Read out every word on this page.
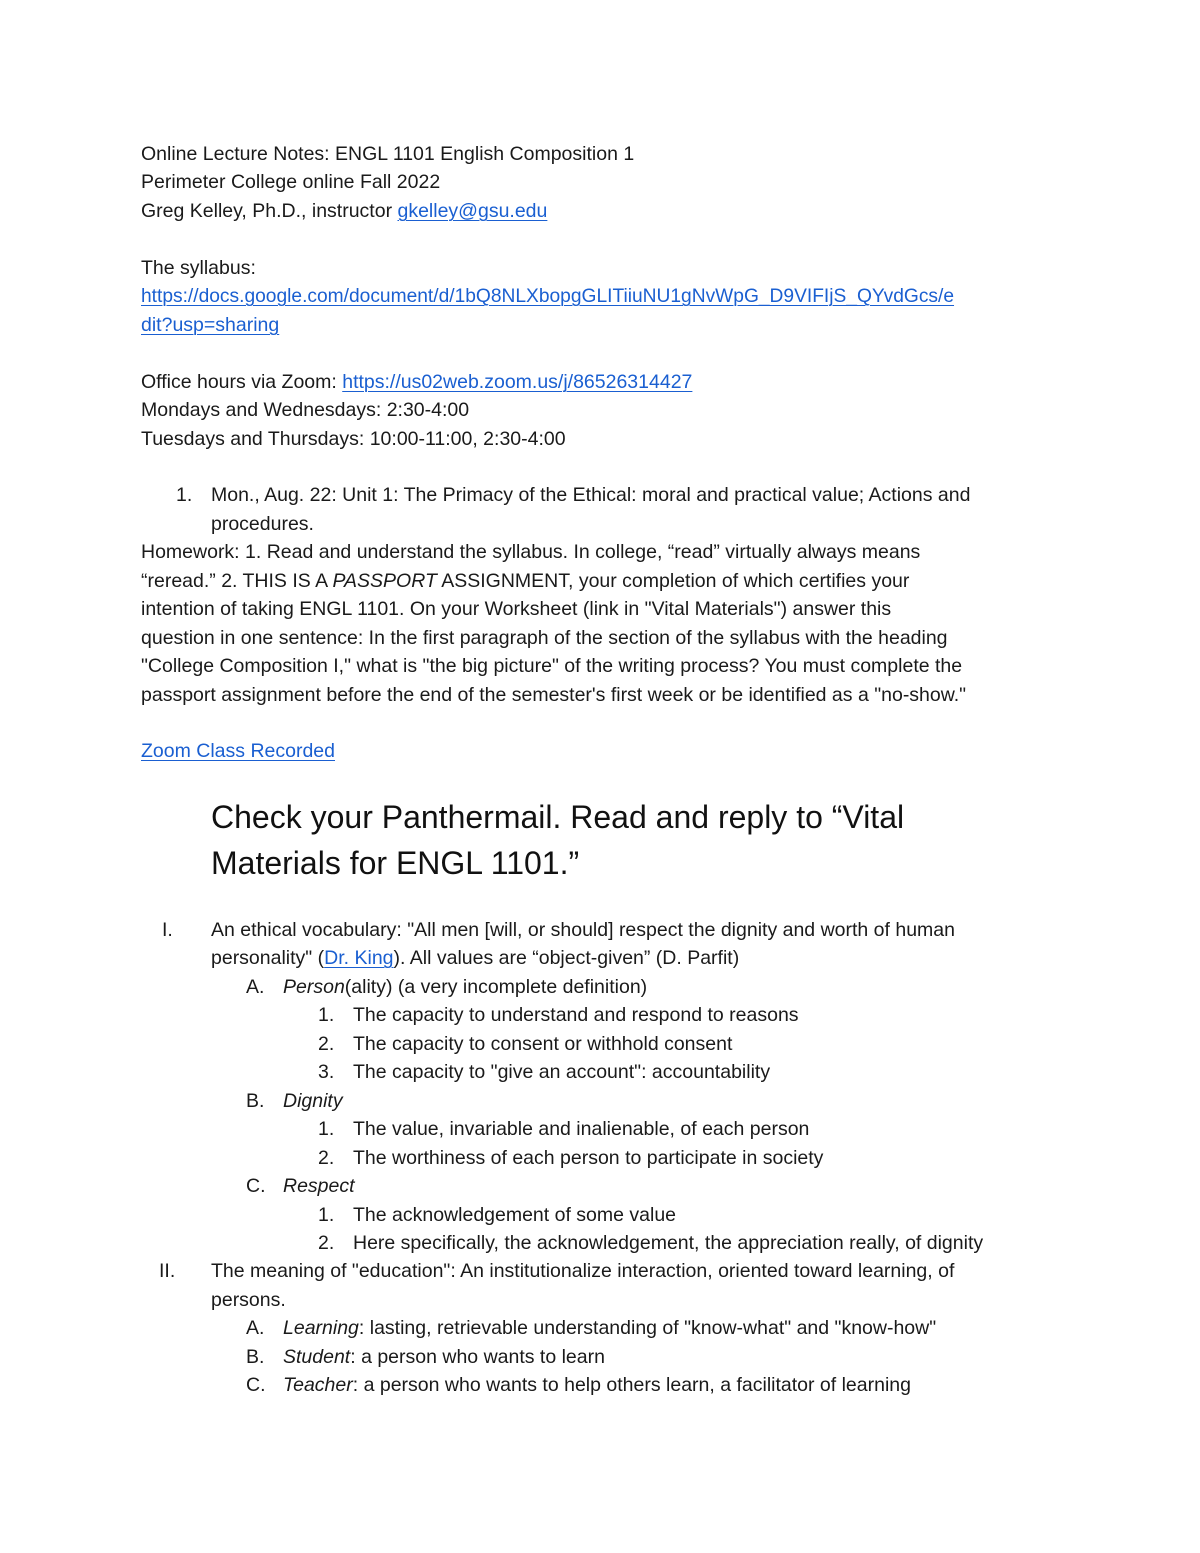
Online Lecture Notes: ENGL 1101 English Composition 1
Perimeter College online Fall 2022
Greg Kelley, Ph.D., instructor gkelley@gsu.edu
The syllabus:
https://docs.google.com/document/d/1bQ8NLXbopgGLITiiuNU1gNvWpG_D9VIFIjS_QYvdGcs/e
dit?usp=sharing
Office hours via Zoom: https://us02web.zoom.us/j/86526314427
Mondays and Wednesdays: 2:30-4:00
Tuesdays and Thursdays: 10:00-11:00, 2:30-4:00
1. Mon., Aug. 22: Unit 1: The Primacy of the Ethical: moral and practical value; Actions and
procedures.
Homework: 1. Read and understand the syllabus. In college, “read” virtually always means
“reread.” 2. THIS IS A PASSPORT ASSIGNMENT, your completion of which certifies your
intention of taking ENGL 1101. On your Worksheet (link in "Vital Materials") answer this
question in one sentence: In the first paragraph of the section of the syllabus with the heading
"College Composition I," what is "the big picture" of the writing process? You must complete the
passport assignment before the end of the semester's first week or be identified as a "no-show."
Zoom Class Recorded
Check your Panthermail. Read and reply to “Vital
Materials for ENGL 1101.”
I. An ethical vocabulary: "All men [will, or should] respect the dignity and worth of human
personality" (Dr. King). All values are “object-given” (D. Parfit)
A. Person(ality) (a very incomplete definition)
1. The capacity to understand and respond to reasons
2. The capacity to consent or withhold consent
3. The capacity to "give an account": accountability
B. Dignity
1. The value, invariable and inalienable, of each person
2. The worthiness of each person to participate in society
C. Respect
1. The acknowledgement of some value
2. Here specifically, the acknowledgement, the appreciation really, of dignity
II. The meaning of "education": An institutionalize interaction, oriented toward learning, of
persons.
A. Learning: lasting, retrievable understanding of "know-what" and "know-how"
B. Student: a person who wants to learn
C. Teacher: a person who wants to help others learn, a facilitator of learning
